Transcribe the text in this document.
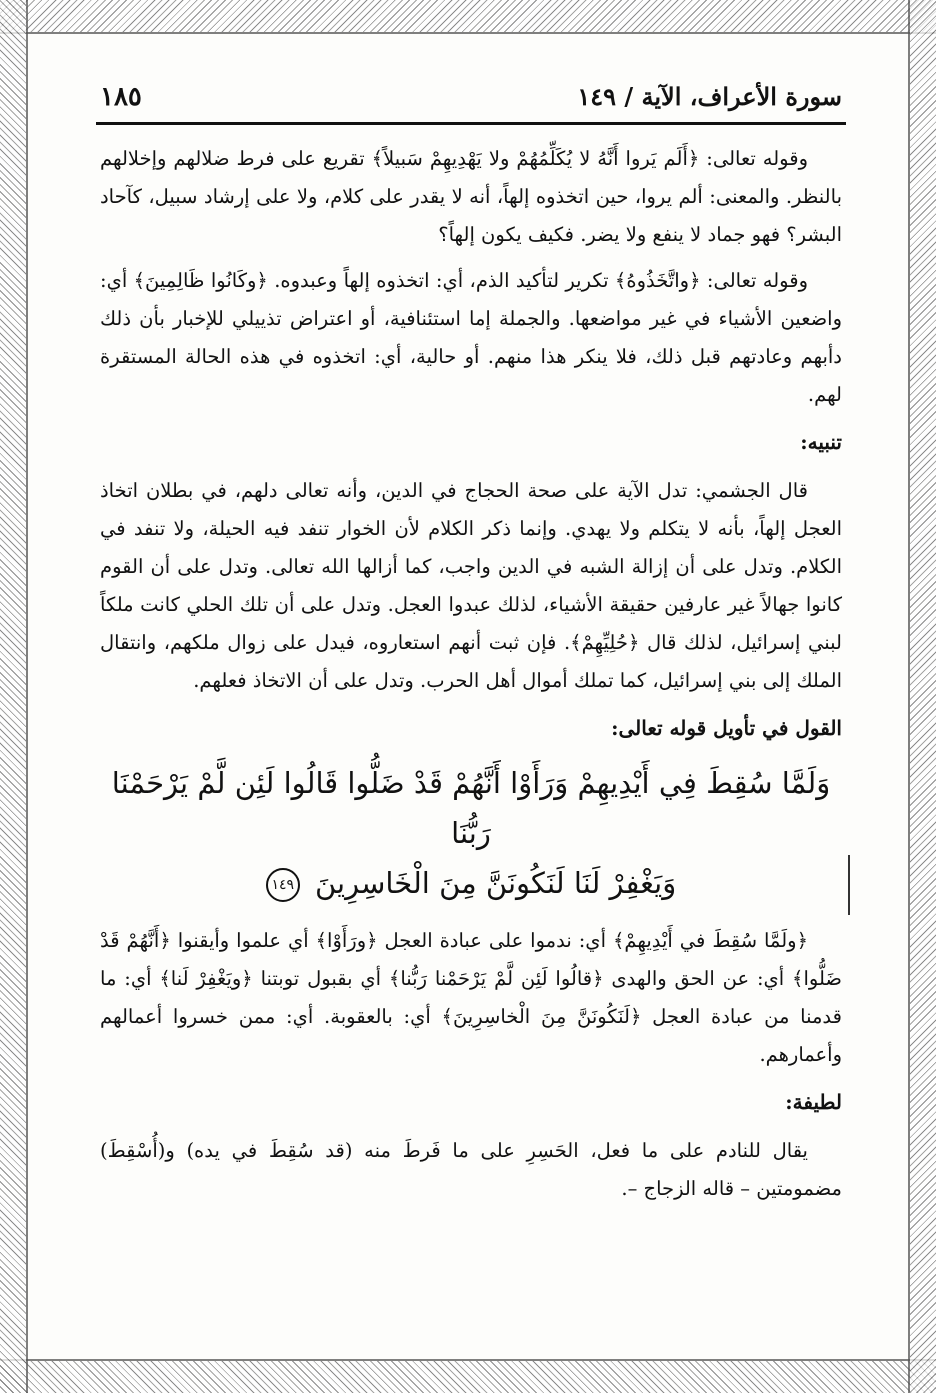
١٨٥	سورة الأعراف، الآية / ١٤٩

وقوله تعالى: ﴿أَلَم يَروا أَنَّهُ لا يُكَلِّمُهُمْ ولا يَهْدِيهِمْ سَبيلاً﴾ تقريع على فرط ضلالهم وإخلالهم بالنظر. والمعنى: ألم يروا، حين اتخذوه إلهاً، أنه لا يقدر على كلام، ولا على إرشاد سبيل، كآحاد البشر؟ فهو جماد لا ينفع ولا يضر. فكيف يكون إلهاً؟

وقوله تعالى: ﴿واتَّخَذُوهُ﴾ تكرير لتأكيد الذم، أي: اتخذوه إلهاً وعبدوه. ﴿وكَانُوا ظَالِمِينَ﴾ أي: واضعين الأشياء في غير مواضعها. والجملة إما استئنافية، أو اعتراض تذييلي للإخبار بأن ذلك دأبهم وعادتهم قبل ذلك، فلا ينكر هذا منهم. أو حالية، أي: اتخذوه في هذه الحالة المستقرة لهم.

تنبيه:

قال الجشمي: تدل الآية على صحة الحجاج في الدين، وأنه تعالى دلهم، في بطلان اتخاذ العجل إلهاً، بأنه لا يتكلم ولا يهدي. وإنما ذكر الكلام لأن الخوار تنفد فيه الحيلة، ولا تنفد في الكلام. وتدل على أن إزالة الشبه في الدين واجب، كما أزالها الله تعالى. وتدل على أن القوم كانوا جهالاً غير عارفين حقيقة الأشياء، لذلك عبدوا العجل. وتدل على أن تلك الحلي كانت ملكاً لبني إسرائيل، لذلك قال ﴿حُلِيِّهِمْ﴾. فإن ثبت أنهم استعاروه، فيدل على زوال ملكهم، وانتقال الملك إلى بني إسرائيل، كما تملك أموال أهل الحرب. وتدل على أن الاتخاذ فعلهم.

القول في تأويل قوله تعالى:
وَلَمَّا سُقِطَ فِي أَيْدِيهِمْ وَرَأَوْا أَنَّهُمْ قَدْ ضَلُّوا قَالُوا لَئِن لَّمْ يَرْحَمْنَا رَبُّنَا
وَيَغْفِرْ لَنَا لَنَكُونَنَّ مِنَ الْخَاسِرِينَ ١٤٩

﴿ولَمَّا سُقِطَ في أَيْدِيهِمْ﴾ أي: ندموا على عبادة العجل ﴿ورَأَوْا﴾ أي علموا وأيقنوا ﴿أَنَّهُمْ قَدْ ضَلُّوا﴾ أي: عن الحق والهدى ﴿قالُوا لَئِن لَّمْ يَرْحَمْنا رَبُّنا﴾ أي بقبول توبتنا ﴿ويَغْفِرْ لَنا﴾ أي: ما قدمنا من عبادة العجل ﴿لَنَكُونَنَّ مِنَ الْخاسِرِينَ﴾ أي: بالعقوبة. أي: ممن خسروا أعمالهم وأعمارهم.

لطيفة:

يقال للنادم على ما فعل، الحَسِرِ على ما فَرطَ منه (قد سُقِطَ في يده) و(أُسْقِطَ) مضمومتين – قاله الزجاج –.
